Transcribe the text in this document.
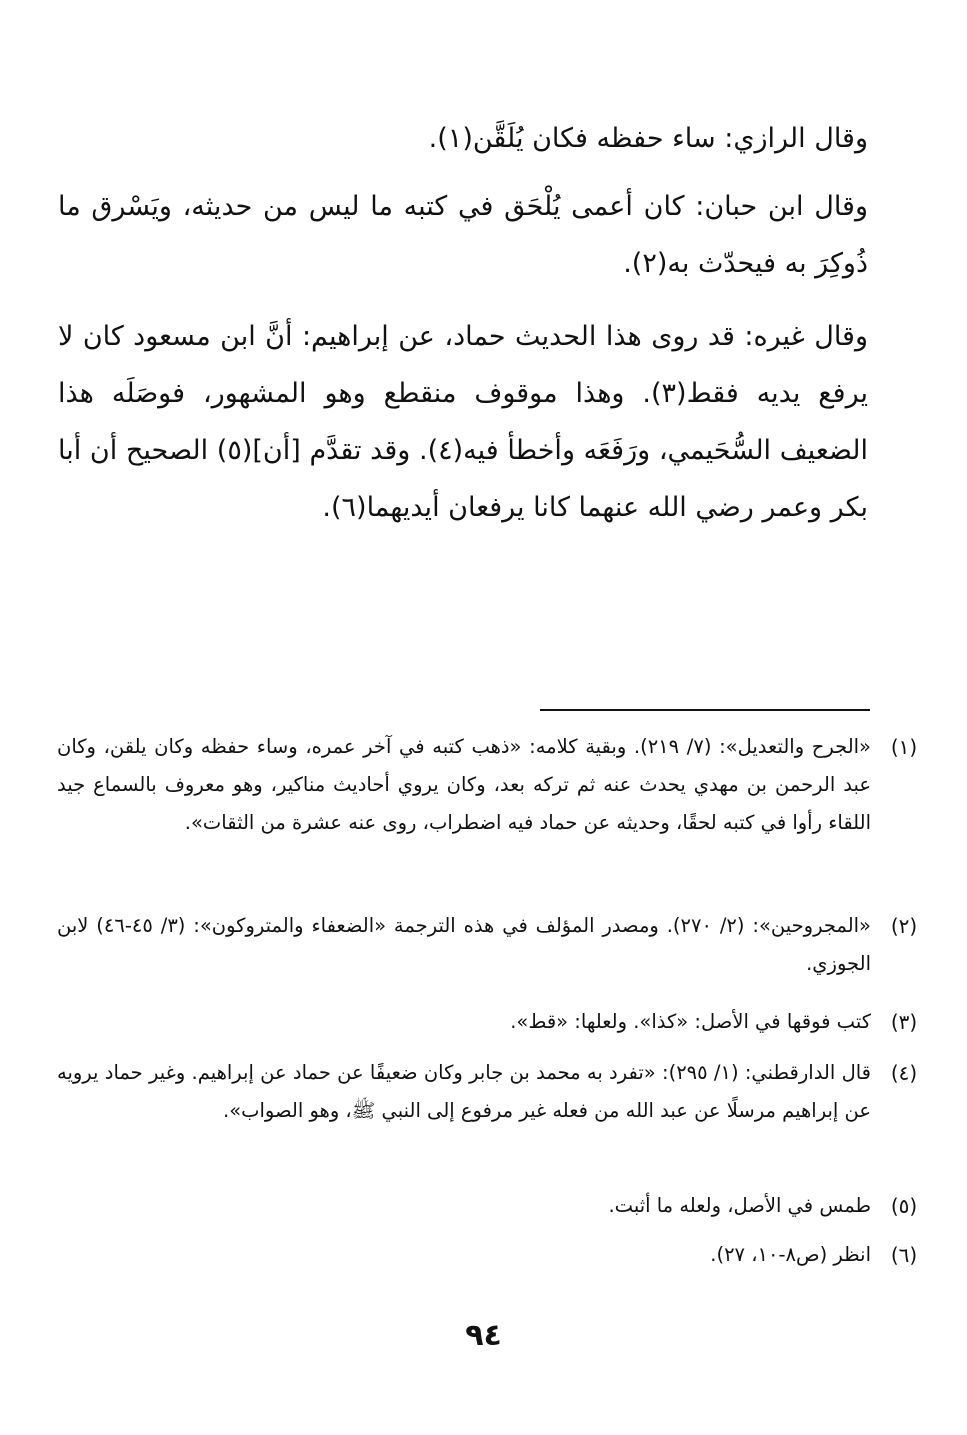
وقال الرازي: ساء حفظه فكان يُلَقَّن(١).
وقال ابن حبان: كان أعمى يُلْحَق في كتبه ما ليس من حديثه، ويَسْرق ما ذُوكِرَ به فيحدّث به(٢).
وقال غيره: قد روى هذا الحديث حماد، عن إبراهيم: أنَّ ابن مسعود كان لا يرفع يديه فقط(٣). وهذا موقوف منقطع وهو المشهور، فوصَلَه هذا الضعيف السُّحَيمي، ورَفَعَه وأخطأ فيه(٤). وقد تقدَّم [أن](٥) الصحيح أن أبا بكر وعمر رضي الله عنهما كانا يرفعان أيديهما(٦).
(١)
«الجرح والتعديل»: (٧/ ٢١٩). وبقية كلامه: «ذهب كتبه في آخر عمره، وساء حفظه وكان يلقن، وكان عبد الرحمن بن مهدي يحدث عنه ثم تركه بعد، وكان يروي أحاديث مناكير، وهو معروف بالسماع جيد اللقاء رأوا في كتبه لحقًا، وحديثه عن حماد فيه اضطراب، روى عنه عشرة من الثقات».
(٢)
«المجروحين»: (٢/ ٢٧٠). ومصدر المؤلف في هذه الترجمة «الضعفاء والمتروكون»: (٣/ ٤٥-٤٦) لابن الجوزي.
(٣)
كتب فوقها في الأصل: «كذا». ولعلها: «قط».
(٤)
قال الدارقطني: (١/ ٢٩٥): «تفرد به محمد بن جابر وكان ضعيفًا عن حماد عن إبراهيم. وغير حماد يرويه عن إبراهيم مرسلًا عن عبد الله من فعله غير مرفوع إلى النبي ﷺ، وهو الصواب».
(٥)
طمس في الأصل، ولعله ما أثبت.
(٦)
انظر (ص٨-١٠، ٢٧).
٩٤
